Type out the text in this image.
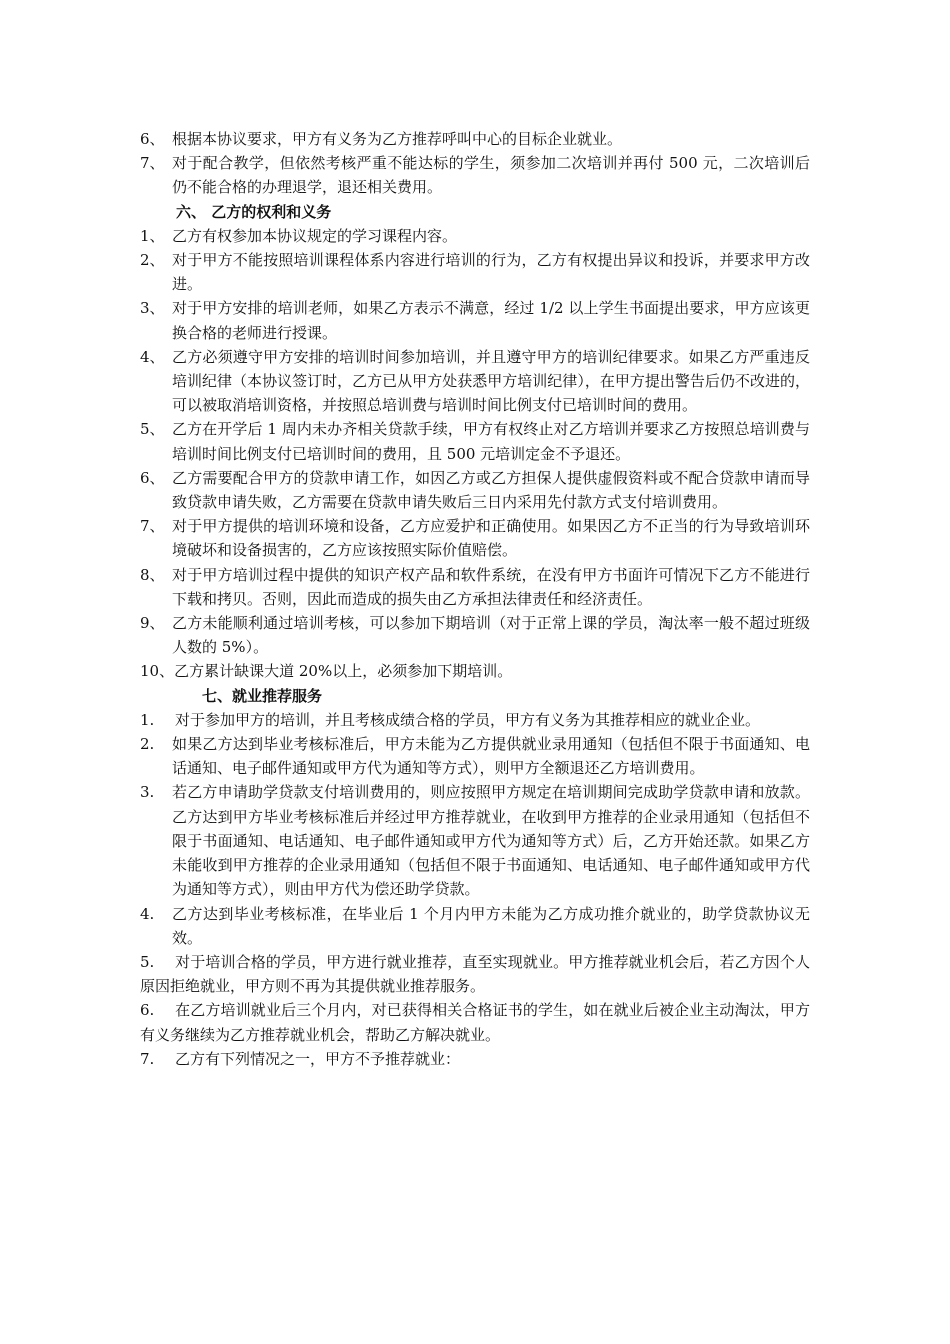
6、 根据本协议要求，甲方有义务为乙方推荐呼叫中心的目标企业就业。
7、 对于配合教学，但依然考核严重不能达标的学生，须参加二次培训并再付 500 元，二次培训后仍不能合格的办理退学，退还相关费用。
六、 乙方的权利和义务
1、 乙方有权参加本协议规定的学习课程内容。
2、 对于甲方不能按照培训课程体系内容进行培训的行为，乙方有权提出异议和投诉，并要求甲方改进。
3、 对于甲方安排的培训老师，如果乙方表示不满意，经过 1/2 以上学生书面提出要求，甲方应该更换合格的老师进行授课。
4、 乙方必须遵守甲方安排的培训时间参加培训，并且遵守甲方的培训纪律要求。如果乙方严重违反培训纪律（本协议签订时，乙方已从甲方处获悉甲方培训纪律），在甲方提出警告后仍不改进的，可以被取消培训资格，并按照总培训费与培训时间比例支付已培训时间的费用。
5、 乙方在开学后 1 周内未办齐相关贷款手续，甲方有权终止对乙方培训并要求乙方按照总培训费与培训时间比例支付已培训时间的费用，且 500 元培训定金不予退还。
6、 乙方需要配合甲方的贷款申请工作，如因乙方或乙方担保人提供虚假资料或不配合贷款申请而导致贷款申请失败，乙方需要在贷款申请失败后三日内采用先付款方式支付培训费用。
7、 对于甲方提供的培训环境和设备，乙方应爱护和正确使用。如果因乙方不正当的行为导致培训环境破坏和设备损害的，乙方应该按照实际价值赔偿。
8、 对于甲方培训过程中提供的知识产权产品和软件系统，在没有甲方书面许可情况下乙方不能进行下载和拷贝。否则，因此而造成的损失由乙方承担法律责任和经济责任。
9、 乙方未能顺利通过培训考核，可以参加下期培训（对于正常上课的学员，淘汰率一般不超过班级人数的 5%）。
10、乙方累计缺课大道 20%以上，必须参加下期培训。
七、就业推荐服务
1. 对于参加甲方的培训，并且考核成绩合格的学员，甲方有义务为其推荐相应的就业企业。
2. 如果乙方达到毕业考核标准后，甲方未能为乙方提供就业录用通知（包括但不限于书面通知、电话通知、电子邮件通知或甲方代为通知等方式），则甲方全额退还乙方培训费用。
3. 若乙方申请助学贷款支付培训费用的，则应按照甲方规定在培训期间完成助学贷款申请和放款。乙方达到甲方毕业考核标准后并经过甲方推荐就业，在收到甲方推荐的企业录用通知（包括但不限于书面通知、电话通知、电子邮件通知或甲方代为通知等方式）后，乙方开始还款。如果乙方未能收到甲方推荐的企业录用通知（包括但不限于书面通知、电话通知、电子邮件通知或甲方代为通知等方式），则由甲方代为偿还助学贷款。
4. 乙方达到毕业考核标准，在毕业后 1 个月内甲方未能为乙方成功推介就业的，助学贷款协议无效。
5. 对于培训合格的学员，甲方进行就业推荐，直至实现就业。甲方推荐就业机会后，若乙方因个人原因拒绝就业，甲方则不再为其提供就业推荐服务。
6. 在乙方培训就业后三个月内，对已获得相关合格证书的学生，如在就业后被企业主动淘汰，甲方有义务继续为乙方推荐就业机会，帮助乙方解决就业。
7. 乙方有下列情况之一，甲方不予推荐就业：
